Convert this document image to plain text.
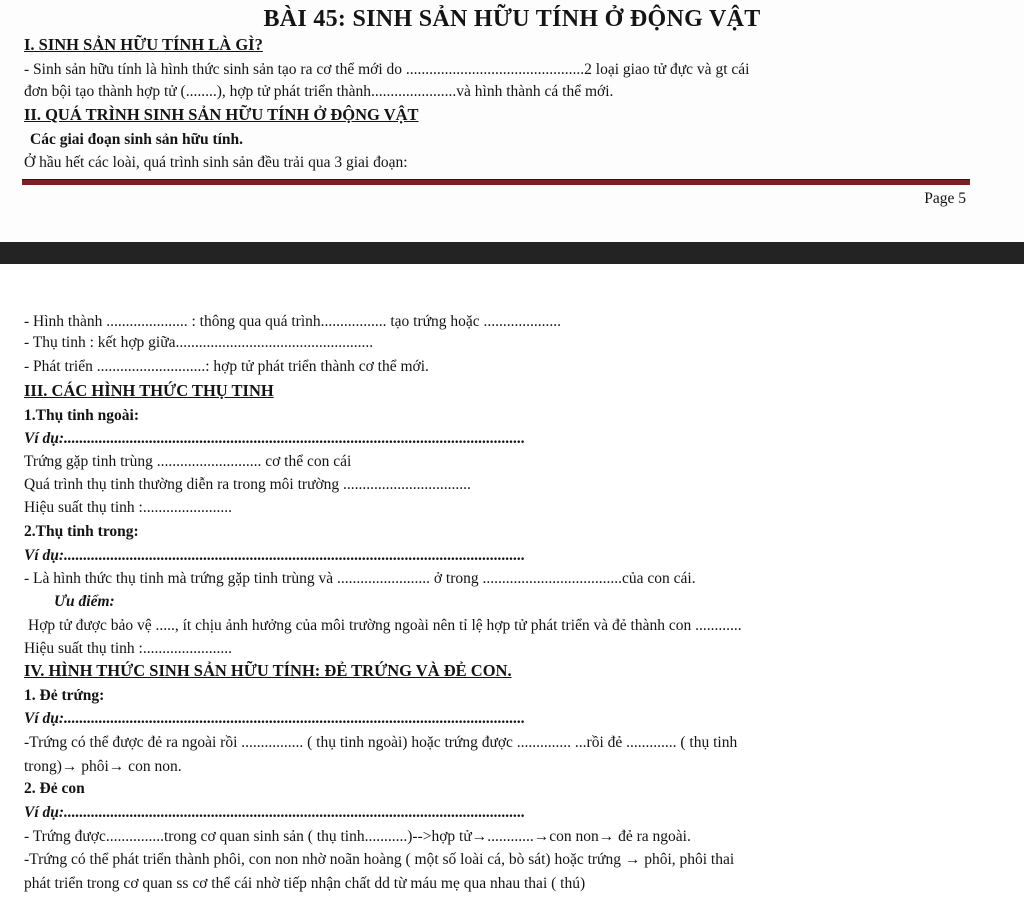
BÀI 45: SINH SẢN HỮU TÍNH Ở ĐỘNG VẬT
I. SINH SẢN HỮU TÍNH LÀ GÌ?
- Sinh sản hữu tính là hình thức sinh sản tạo ra cơ thể mới do ..............................................2 loại giao tử đực và gt cái
đơn bội tạo thành hợp tử (........), hợp tử phát triển thành......................và hình thành cá thể mới.
II. QUÁ TRÌNH SINH SẢN HỮU TÍNH Ở ĐỘNG VẬT
Các giai đoạn sinh sản hữu tính.
Ở hầu hết các loài, quá trình sinh sản đều trải qua 3 giai đoạn:
Page 5
- Hình thành ..................... : thông qua quá trình................. tạo trứng hoặc ....................
- Thụ tinh : kết hợp giữa...................................................
- Phát triển ............................: hợp tử phát triển thành cơ thể mới.
III. CÁC HÌNH THỨC THỤ TINH
1.Thụ tinh ngoài:
Ví dụ:.......................................................................................................................
Trứng gặp tinh trùng ........................... cơ thể con cái
Quá trình thụ tinh thường diễn ra trong môi trường .................................
Hiệu suất thụ tinh :.......................
2.Thụ tinh trong:
Ví dụ:.......................................................................................................................
- Là hình thức thụ tinh mà trứng gặp tinh trùng và ........................ ở trong ....................................của con cái.
Ưu điểm:
Hợp tử được bảo vệ ....., ít chịu ảnh hưởng của môi trường ngoài nên tỉ lệ hợp tử phát triển và đẻ thành con ............
Hiệu suất thụ tinh :.......................
IV. HÌNH THỨC SINH SẢN HỮU TÍNH: ĐẺ TRỨNG VÀ ĐẺ CON.
1. Đẻ trứng:
Ví dụ:.......................................................................................................................
-Trứng có thể được đẻ ra ngoài rồi ................ ( thụ tinh ngoài) hoặc trứng được .............. ...rồi đẻ ............. ( thụ tinh
trong)→ phôi→ con non.
2. Đẻ con
Ví dụ:.......................................................................................................................
- Trứng được...............trong cơ quan sinh sản ( thụ tinh...........)-->hợp tử→............→con non→ đẻ ra ngoài.
-Trứng có thể phát triển thành phôi, con non nhờ noãn hoàng ( một số loài cá, bò sát) hoặc trứng → phôi, phôi thai
phát triển trong cơ quan ss cơ thể cái nhờ tiếp nhận chất dd từ máu mẹ qua nhau thai ( thú)
